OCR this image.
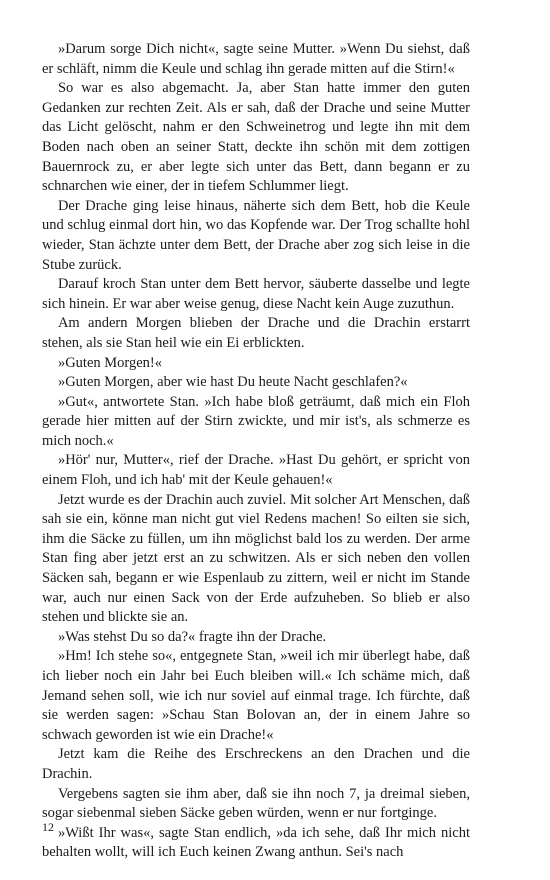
»Darum sorge Dich nicht«, sagte seine Mutter. »Wenn Du siehst, daß er schläft, nimm die Keule und schlag ihn gerade mitten auf die Stirn!«

So war es also abgemacht. Ja, aber Stan hatte immer den guten Gedanken zur rechten Zeit. Als er sah, daß der Drache und seine Mutter das Licht gelöscht, nahm er den Schweinetrog und legte ihn mit dem Boden nach oben an seiner Statt, deckte ihn schön mit dem zottigen Bauernrock zu, er aber legte sich unter das Bett, dann begann er zu schnarchen wie einer, der in tiefem Schlummer liegt.

Der Drache ging leise hinaus, näherte sich dem Bett, hob die Keule und schlug einmal dort hin, wo das Kopfende war. Der Trog schallte hohl wieder, Stan ächzte unter dem Bett, der Drache aber zog sich leise in die Stube zurück.

Darauf kroch Stan unter dem Bett hervor, säuberte dasselbe und legte sich hinein. Er war aber weise genug, diese Nacht kein Auge zuzuthun.

Am andern Morgen blieben der Drache und die Drachin erstarrt stehen, als sie Stan heil wie ein Ei erblickten.

»Guten Morgen!«

»Guten Morgen, aber wie hast Du heute Nacht geschlafen?«

»Gut«, antwortete Stan. »Ich habe bloß geträumt, daß mich ein Floh gerade hier mitten auf der Stirn zwickte, und mir ist's, als schmerze es mich noch.«

»Hör' nur, Mutter«, rief der Drache. »Hast Du gehört, er spricht von einem Floh, und ich hab' mit der Keule gehauen!«

Jetzt wurde es der Drachin auch zuviel. Mit solcher Art Menschen, daß sah sie ein, könne man nicht gut viel Redens machen! So eilten sie sich, ihm die Säcke zu füllen, um ihn möglichst bald los zu werden. Der arme Stan fing aber jetzt erst an zu schwitzen. Als er sich neben den vollen Säcken sah, begann er wie Espenlaub zu zittern, weil er nicht im Stande war, auch nur einen Sack von der Erde aufzuheben. So blieb er also stehen und blickte sie an.

»Was stehst Du so da?« fragte ihn der Drache.

»Hm! Ich stehe so«, entgegnete Stan, »weil ich mir überlegt habe, daß ich lieber noch ein Jahr bei Euch bleiben will.« Ich schäme mich, daß Jemand sehen soll, wie ich nur soviel auf einmal trage. Ich fürchte, daß sie werden sagen: »Schau Stan Bolovan an, der in einem Jahre so schwach geworden ist wie ein Drache!«

Jetzt kam die Reihe des Erschreckens an den Drachen und die Drachin.

Vergebens sagten sie ihm aber, daß sie ihn noch 7, ja dreimal sieben, sogar siebenmal sieben Säcke geben würden, wenn er nur fortginge.

»Wißt Ihr was«, sagte Stan endlich, »da ich sehe, daß Ihr mich nicht behalten wollt, will ich Euch keinen Zwang anthun. Sei's nach

12
